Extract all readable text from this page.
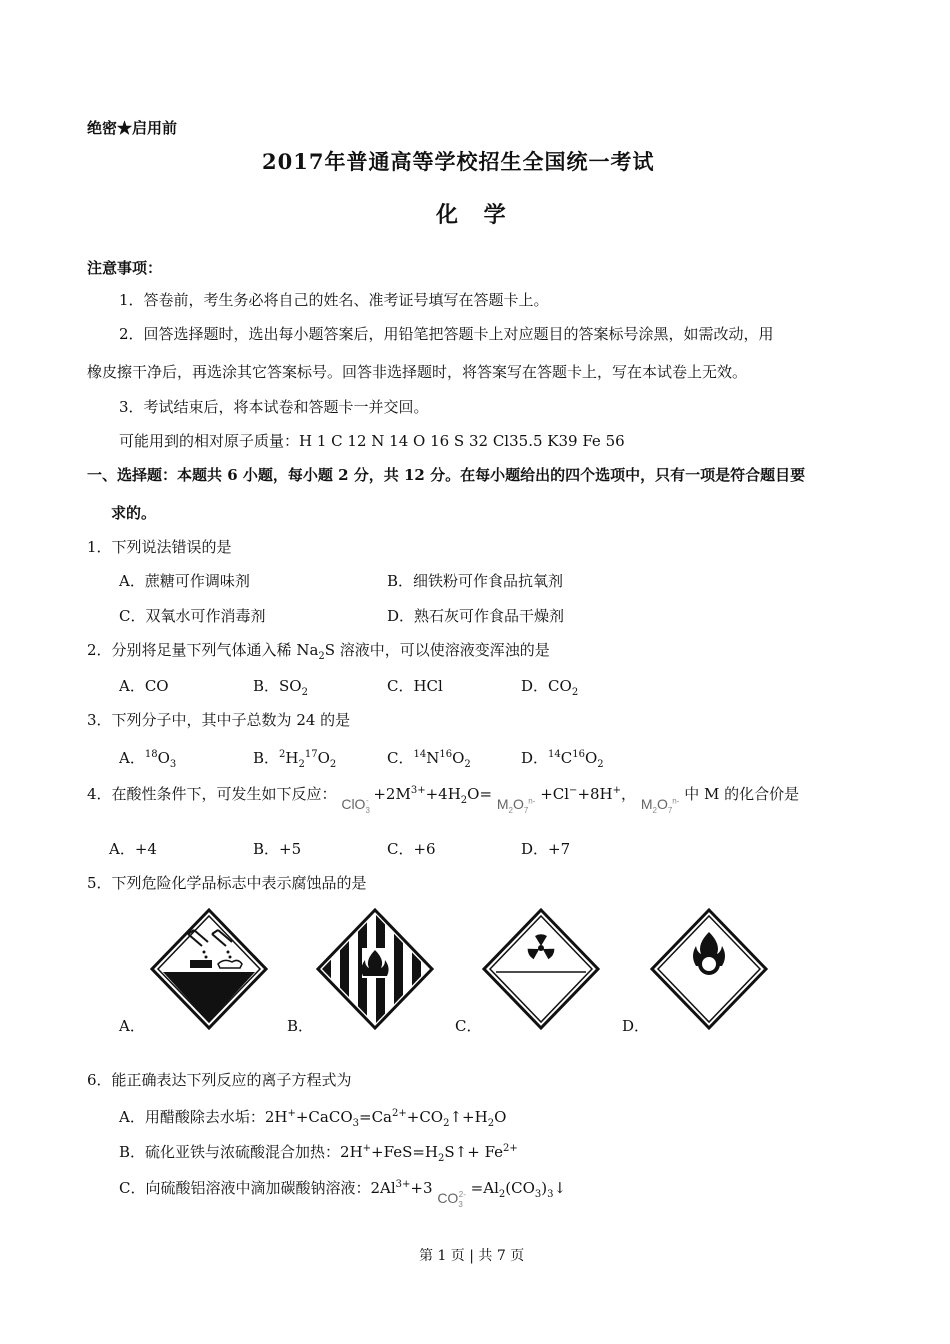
绝密★启用前
2017年普通高等学校招生全国统一考试
化 学
注意事项：
1．答卷前，考生务必将自己的姓名、准考证号填写在答题卡上。
2．回答选择题时，选出每小题答案后，用铅笔把答题卡上对应题目的答案标号涂黑，如需改动，用
橡皮擦干净后，再选涂其它答案标号。回答非选择题时，将答案写在答题卡上，写在本试卷上无效。
3．考试结束后，将本试卷和答题卡一并交回。
可能用到的相对原子质量：H 1 C 12 N 14 O 16 S 32 Cl35.5 K39 Fe 56
一、选择题：本题共 6 小题，每小题 2 分，共 12 分。在每小题给出的四个选项中，只有一项是符合题目要
求的。
1．下列说法错误的是
A．蔗糖可作调味剂	B．细铁粉可作食品抗氧剂
C．双氧水可作消毒剂	D．熟石灰可作食品干燥剂
2．分别将足量下列气体通入稀 $Na_2S$ 溶液中，可以使溶液变浑浊的是
A．CO	B．$SO_2$	C．HCl	D．$CO_2$
3．下列分子中，其中子总数为 24 的是
A．$^{18}O_3$	B．$^2H_2^{17}O_2$	C．$^{14}N^{16}O_2$	D．$^{14}C^{16}O_2$
4．在酸性条件下，可发生如下反应： $ClO_3^- +2M^{3+}+4H_2O= M_2O_7^{n-} +Cl^-+8H^+$， $M_2O_7^{n-}$ 中 M 的化合价是
A．+4	B．+5	C．+6	D．+7
5．下列危险化学品标志中表示腐蚀品的是
A．	B．	C．	D．
6．能正确表达下列反应的离子方程式为
A．用醋酸除去水垢：$2H^++CaCO_3=Ca^{2+}+CO_2↑+H_2O$
B．硫化亚铁与浓硫酸混合加热：$2H^++FeS=H_2S↑+ Fe^{2+}$
C．向硫酸铝溶液中滴加碳酸钠溶液：$2Al^{3+}+3$ $CO_3^{2-}$ $=Al_2(CO_3)_3↓$
第 1 页 | 共 7 页
